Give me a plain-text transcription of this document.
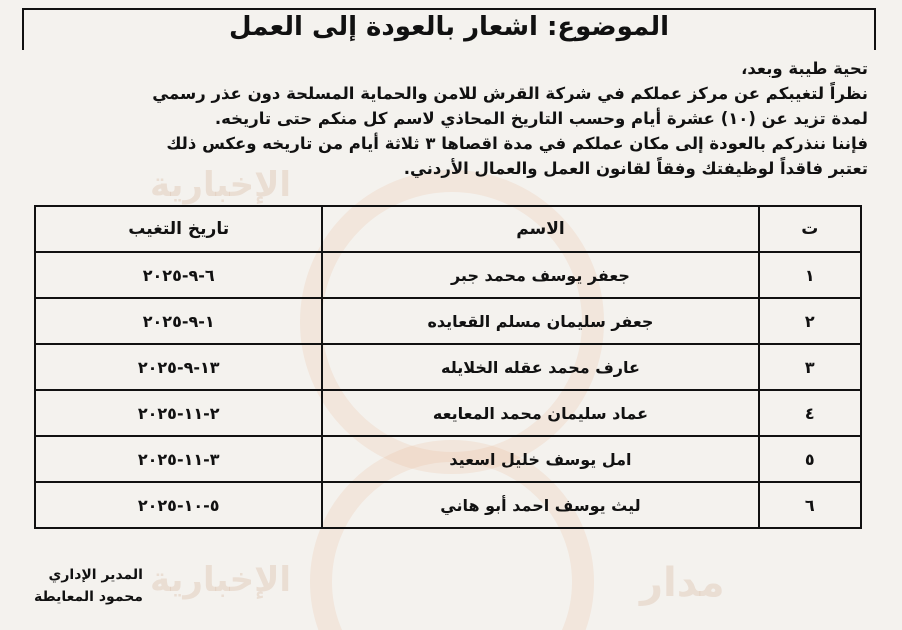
الإخبارية
الإخبارية	مدار
الموضوع: اشعار بالعودة إلى العمل

تحية طيبة وبعد،

نظراً لتغيبكم عن مركز عملكم في شركة القرش للامن والحماية المسلحة دون عذر رسمي

لمدة تزيد عن (١٠) عشرة أيام وحسب التاريخ المحاذي لاسم كل منكم حتى تاريخه.

فإننا ننذركم بالعودة إلى مكان عملكم في مدة اقصاها ٣ ثلاثة أيام من تاريخه وعكس ذلك

تعتبر فاقداً لوظيفتك وفقاً لقانون العمل والعمال الأردني.

ت	الاسم	تاريخ التغيب
١	جعفر يوسف محمد جبر	٦-٩-٢٠٢٥
٢	جعفر سليمان مسلم القعايده	١-٩-٢٠٢٥
٣	عارف محمد عقله الخلايله	١٣-٩-٢٠٢٥
٤	عماد سليمان محمد المعايعه	٢-١١-٢٠٢٥
٥	امل يوسف خليل اسعيد	٣-١١-٢٠٢٥
٦	ليث يوسف احمد أبو هاني	٥-١٠-٢٠٢٥
المدير الإداري
محمود المعايطة
